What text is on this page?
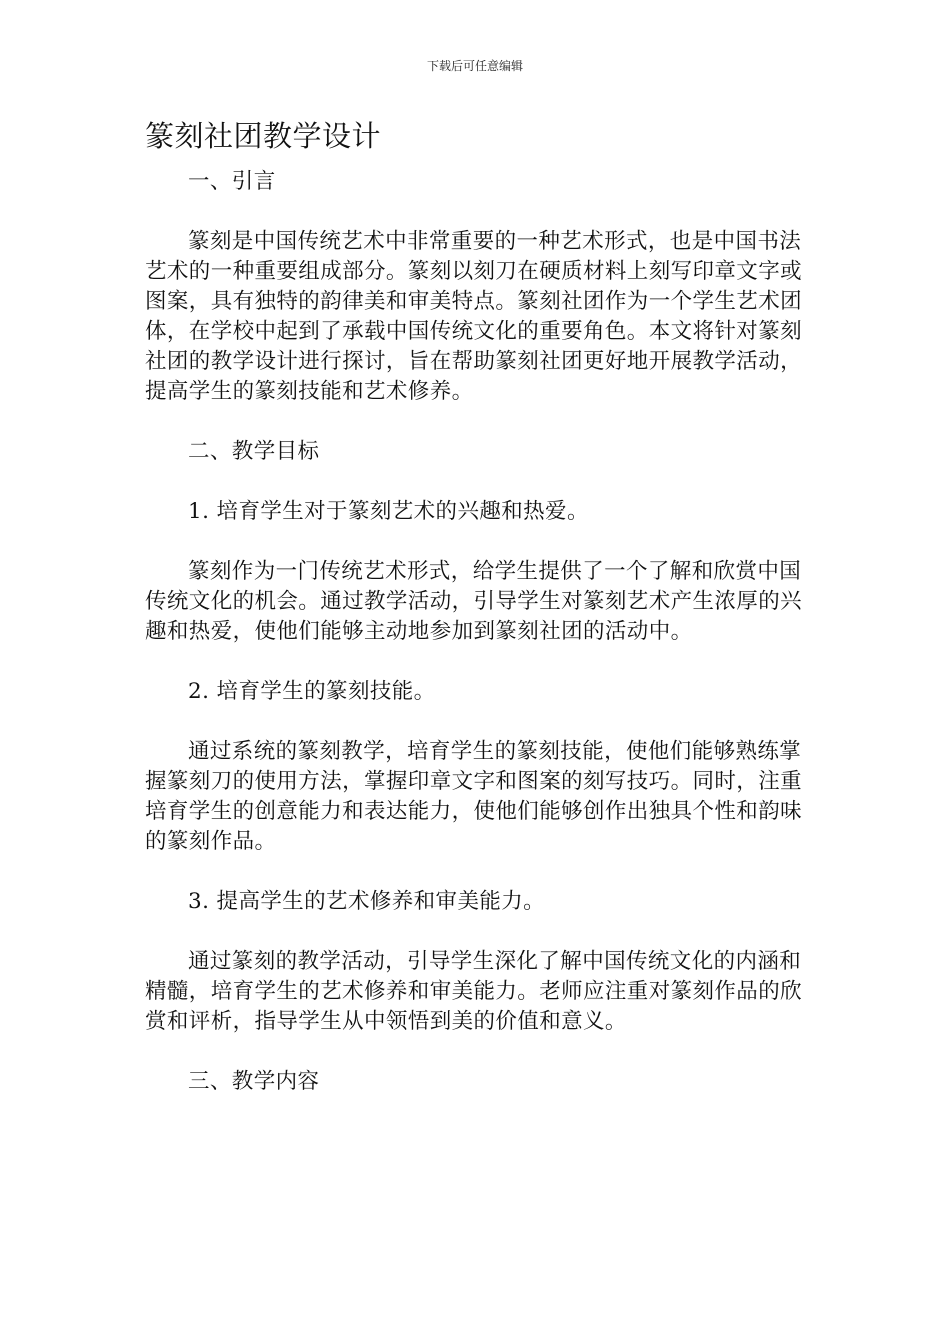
下载后可任意编辑
篆刻社团教学设计

一、引言

篆刻是中国传统艺术中非常重要的一种艺术形式，也是中国书法艺术的一种重要组成部分。篆刻以刻刀在硬质材料上刻写印章文字或图案，具有独特的韵律美和审美特点。篆刻社团作为一个学生艺术团体，在学校中起到了承载中国传统文化的重要角色。本文将针对篆刻社团的教学设计进行探讨，旨在帮助篆刻社团更好地开展教学活动，提高学生的篆刻技能和艺术修养。

二、教学目标

1. 培育学生对于篆刻艺术的兴趣和热爱。

篆刻作为一门传统艺术形式，给学生提供了一个了解和欣赏中国传统文化的机会。通过教学活动，引导学生对篆刻艺术产生浓厚的兴趣和热爱，使他们能够主动地参加到篆刻社团的活动中。

2. 培育学生的篆刻技能。

通过系统的篆刻教学，培育学生的篆刻技能，使他们能够熟练掌握篆刻刀的使用方法，掌握印章文字和图案的刻写技巧。同时，注重培育学生的创意能力和表达能力，使他们能够创作出独具个性和韵味的篆刻作品。

3. 提高学生的艺术修养和审美能力。

通过篆刻的教学活动，引导学生深化了解中国传统文化的内涵和精髓，培育学生的艺术修养和审美能力。老师应注重对篆刻作品的欣赏和评析，指导学生从中领悟到美的价值和意义。

三、教学内容
